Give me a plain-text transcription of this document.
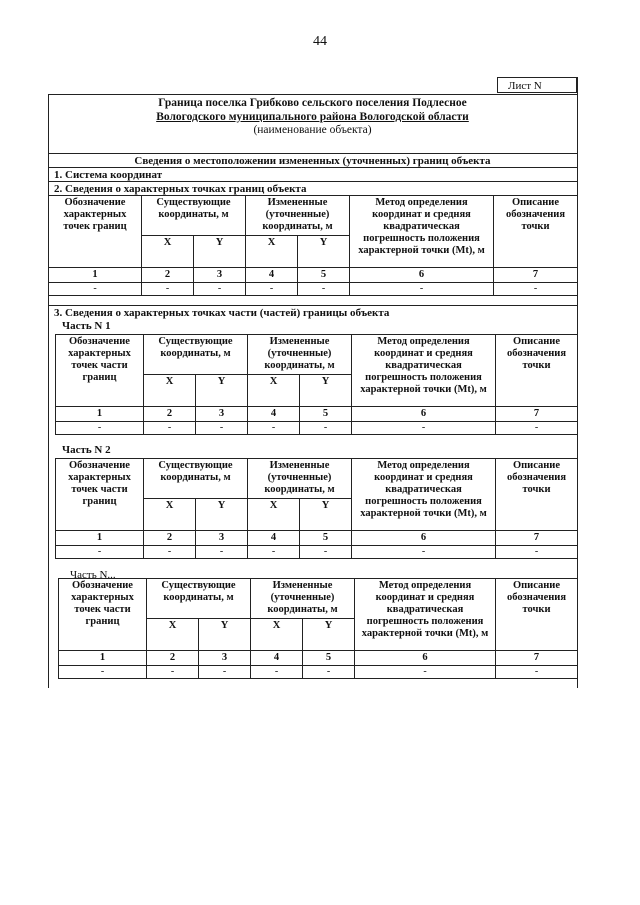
44
Лист N
Граница поселка Грибково сельского поселения Подлесное
Вологодского муниципального района Вологодской области
(наименование объекта)
Сведения о местоположении измененных (уточненных) границ объекта
1. Система координат
2. Сведения о характерных точках границ объекта
Обозначение характерных точек границ	Существующие координаты, м		Измененные (уточненные) координаты, м		Метод определения координат и средняя квадратическая погрешность положения характерной точки (Mt), м	Описание обозначения точки
	X	Y	X	Y		
1	2	3	4	5	6	7
-	-	-	-	-	-	-
3. Сведения о характерных точках части (частей) границы объекта
Часть N 1
Обозначение характерных точек части границ	Существующие координаты, м		Измененные (уточненные) координаты, м		Метод определения координат и средняя квадратическая погрешность положения характерной точки (Mt), м	Описание обозначения точки
	X	Y	X	Y		
1	2	3	4	5	6	7
-	-	-	-	-	-	-
Часть N 2
Обозначение характерных точек части границ	Существующие координаты, м		Измененные (уточненные) координаты, м		Метод определения координат и средняя квадратическая погрешность положения характерной точки (Mt), м	Описание обозначения точки
	X	Y	X	Y		
1	2	3	4	5	6	7
-	-	-	-	-	-	-
Часть N...
Обозначение характерных точек части границ	Существующие координаты, м		Измененные (уточненные) координаты, м		Метод определения координат и средняя квадратическая погрешность положения характерной точки (Mt), м	Описание обозначения точки
	X	Y	X	Y		
1	2	3	4	5	6	7
-	-	-	-	-	-	-
